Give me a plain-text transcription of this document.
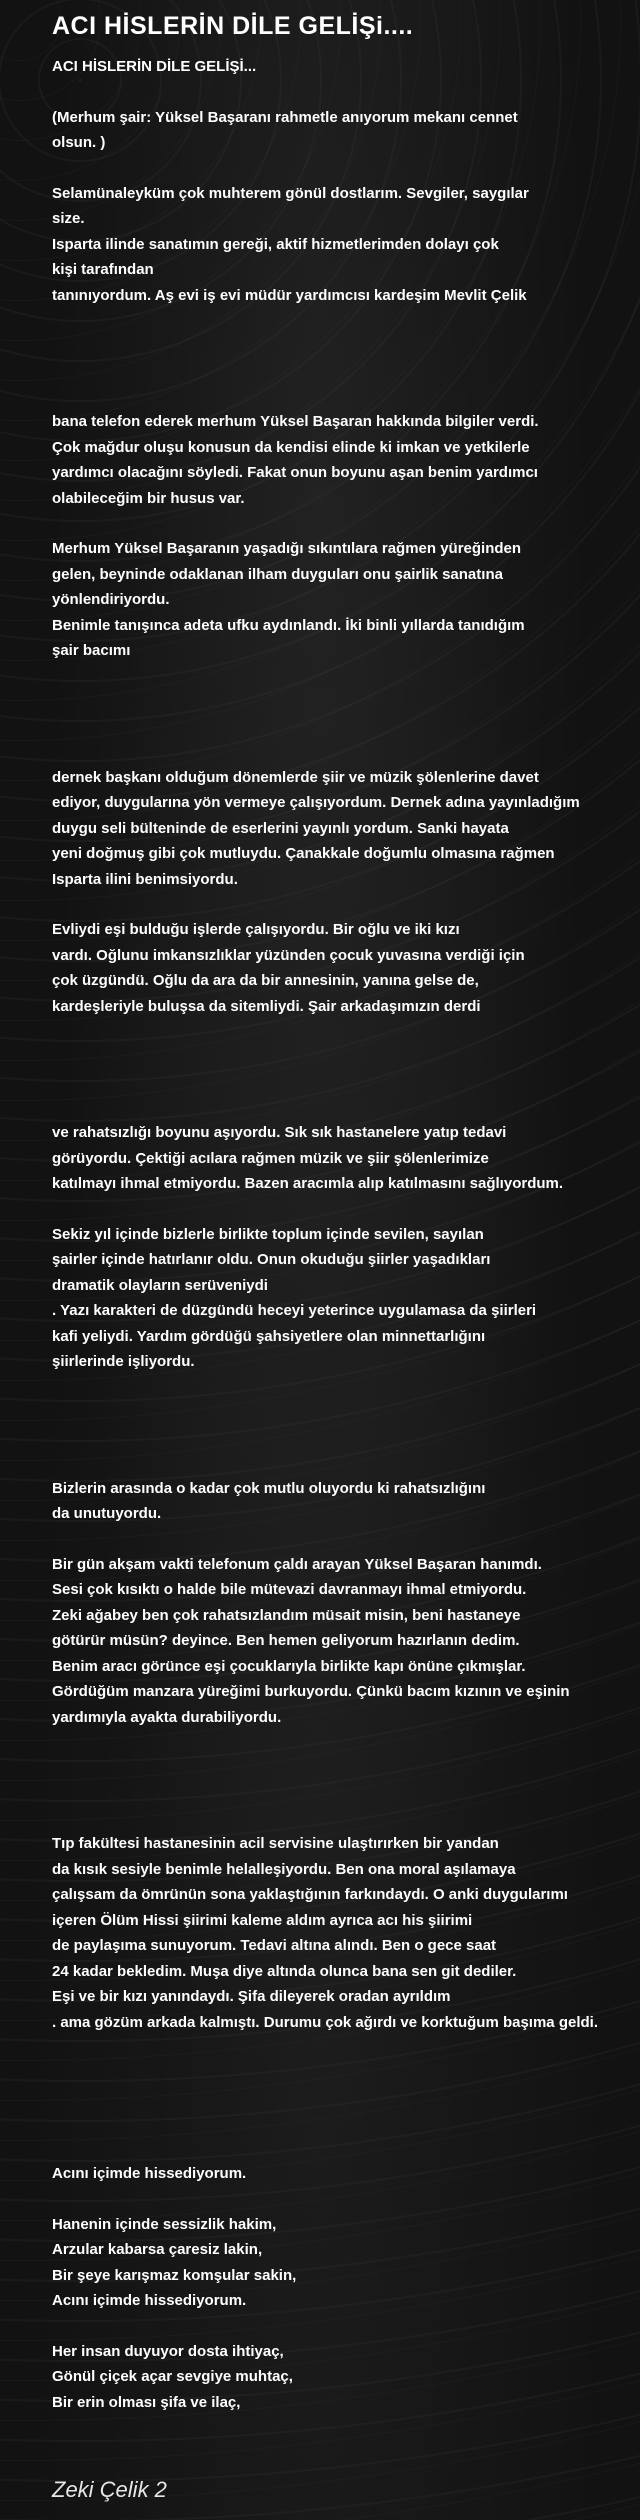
ACI HİSLERİN DİLE GELİŞi....

ACI HİSLERİN DİLE GELİŞİ...

(Merhum şair: Yüksel Başaranı rahmetle anıyorum mekanı cennet
olsun. )

Selamünaleyküm çok muhterem gönül dostlarım. Sevgiler, saygılar
size.
Isparta ilinde sanatımın gereği, aktif hizmetlerimden dolayı çok
kişi tarafından
tanınıyordum. Aş evi iş evi müdür yardımcısı kardeşim Mevlit Çelik

bana telefon ederek merhum Yüksel Başaran hakkında bilgiler verdi.
Çok mağdur oluşu konusun da kendisi elinde ki imkan ve yetkilerle
yardımcı olacağını söyledi. Fakat onun boyunu aşan benim yardımcı
olabileceğim bir husus var.

Merhum Yüksel Başaranın yaşadığı sıkıntılara rağmen yüreğinden
gelen, beyninde odaklanan ilham duyguları onu şairlik sanatına
yönlendiriyordu.
Benimle tanışınca adeta ufku aydınlandı. İki binli yıllarda tanıdığım
şair bacımı

dernek başkanı olduğum dönemlerde şiir ve müzik şölenlerine davet
ediyor, duygularına yön vermeye çalışıyordum. Dernek adına yayınladığım
duygu seli bülteninde de eserlerini yayınlı yordum. Sanki hayata
yeni doğmuş gibi çok mutluydu. Çanakkale doğumlu olmasına rağmen
Isparta ilini benimsiyordu.

Evliydi eşi bulduğu işlerde çalışıyordu. Bir oğlu ve iki kızı
vardı. Oğlunu imkansızlıklar yüzünden çocuk yuvasına verdiği için
çok üzgündü. Oğlu da ara da bir annesinin, yanına gelse de,
kardeşleriyle buluşsa da sitemliydi. Şair arkadaşımızın derdi

ve rahatsızlığı boyunu aşıyordu. Sık sık hastanelere yatıp tedavi
görüyordu. Çektiği acılara rağmen müzik ve şiir şölenlerimize
katılmayı ihmal etmiyordu. Bazen aracımla alıp katılmasını sağlıyordum.

Sekiz yıl içinde bizlerle birlikte toplum içinde sevilen, sayılan
şairler içinde hatırlanır oldu. Onun okuduğu şiirler yaşadıkları
dramatik olayların serüveniydi
. Yazı karakteri de düzgündü heceyi yeterince uygulamasa da şiirleri
kafi yeliydi. Yardım gördüğü şahsiyetlere olan minnettarlığını
şiirlerinde işliyordu.

Bizlerin arasında o kadar çok mutlu oluyordu ki rahatsızlığını
da unutuyordu.

Bir gün akşam vakti telefonum çaldı arayan Yüksel Başaran hanımdı.
Sesi çok kısıktı o halde bile mütevazi davranmayı ihmal etmiyordu.
Zeki ağabey ben çok rahatsızlandım müsait misin, beni hastaneye
götürür müsün? deyince. Ben hemen geliyorum hazırlanın dedim.
Benim aracı görünce eşi çocuklarıyla birlikte kapı önüne çıkmışlar.
Gördüğüm manzara yüreğimi burkuyordu. Çünkü bacım kızının ve eşinin
yardımıyla ayakta durabiliyordu.

Tıp fakültesi hastanesinin acil servisine ulaştırırken bir yandan
da kısık sesiyle benimle helalleşiyordu. Ben ona moral aşılamaya
çalışsam da ömrünün sona yaklaştığının farkındaydı. O anki duygularımı
içeren Ölüm Hissi şiirimi kaleme aldım ayrıca acı his şiirimi
de paylaşıma sunuyorum. Tedavi altına alındı. Ben o gece saat
24 kadar bekledim. Muşa diye altında olunca bana sen git dediler.
Eşi ve bir kızı yanındaydı. Şifa dileyerek oradan ayrıldım
. ama gözüm arkada kalmıştı. Durumu çok ağırdı ve korktuğum başıma geldi.

Acını içimde hissediyorum.

Hanenin içinde sessizlik hakim,
Arzular kabarsa çaresiz lakin,
Bir şeye karışmaz komşular sakin,
Acını içimde hissediyorum.

Her insan duyuyor dosta ihtiyaç,
Gönül çiçek açar sevgiye muhtaç,
Bir erin olması şifa ve ilaç,

Zeki Çelik 2
